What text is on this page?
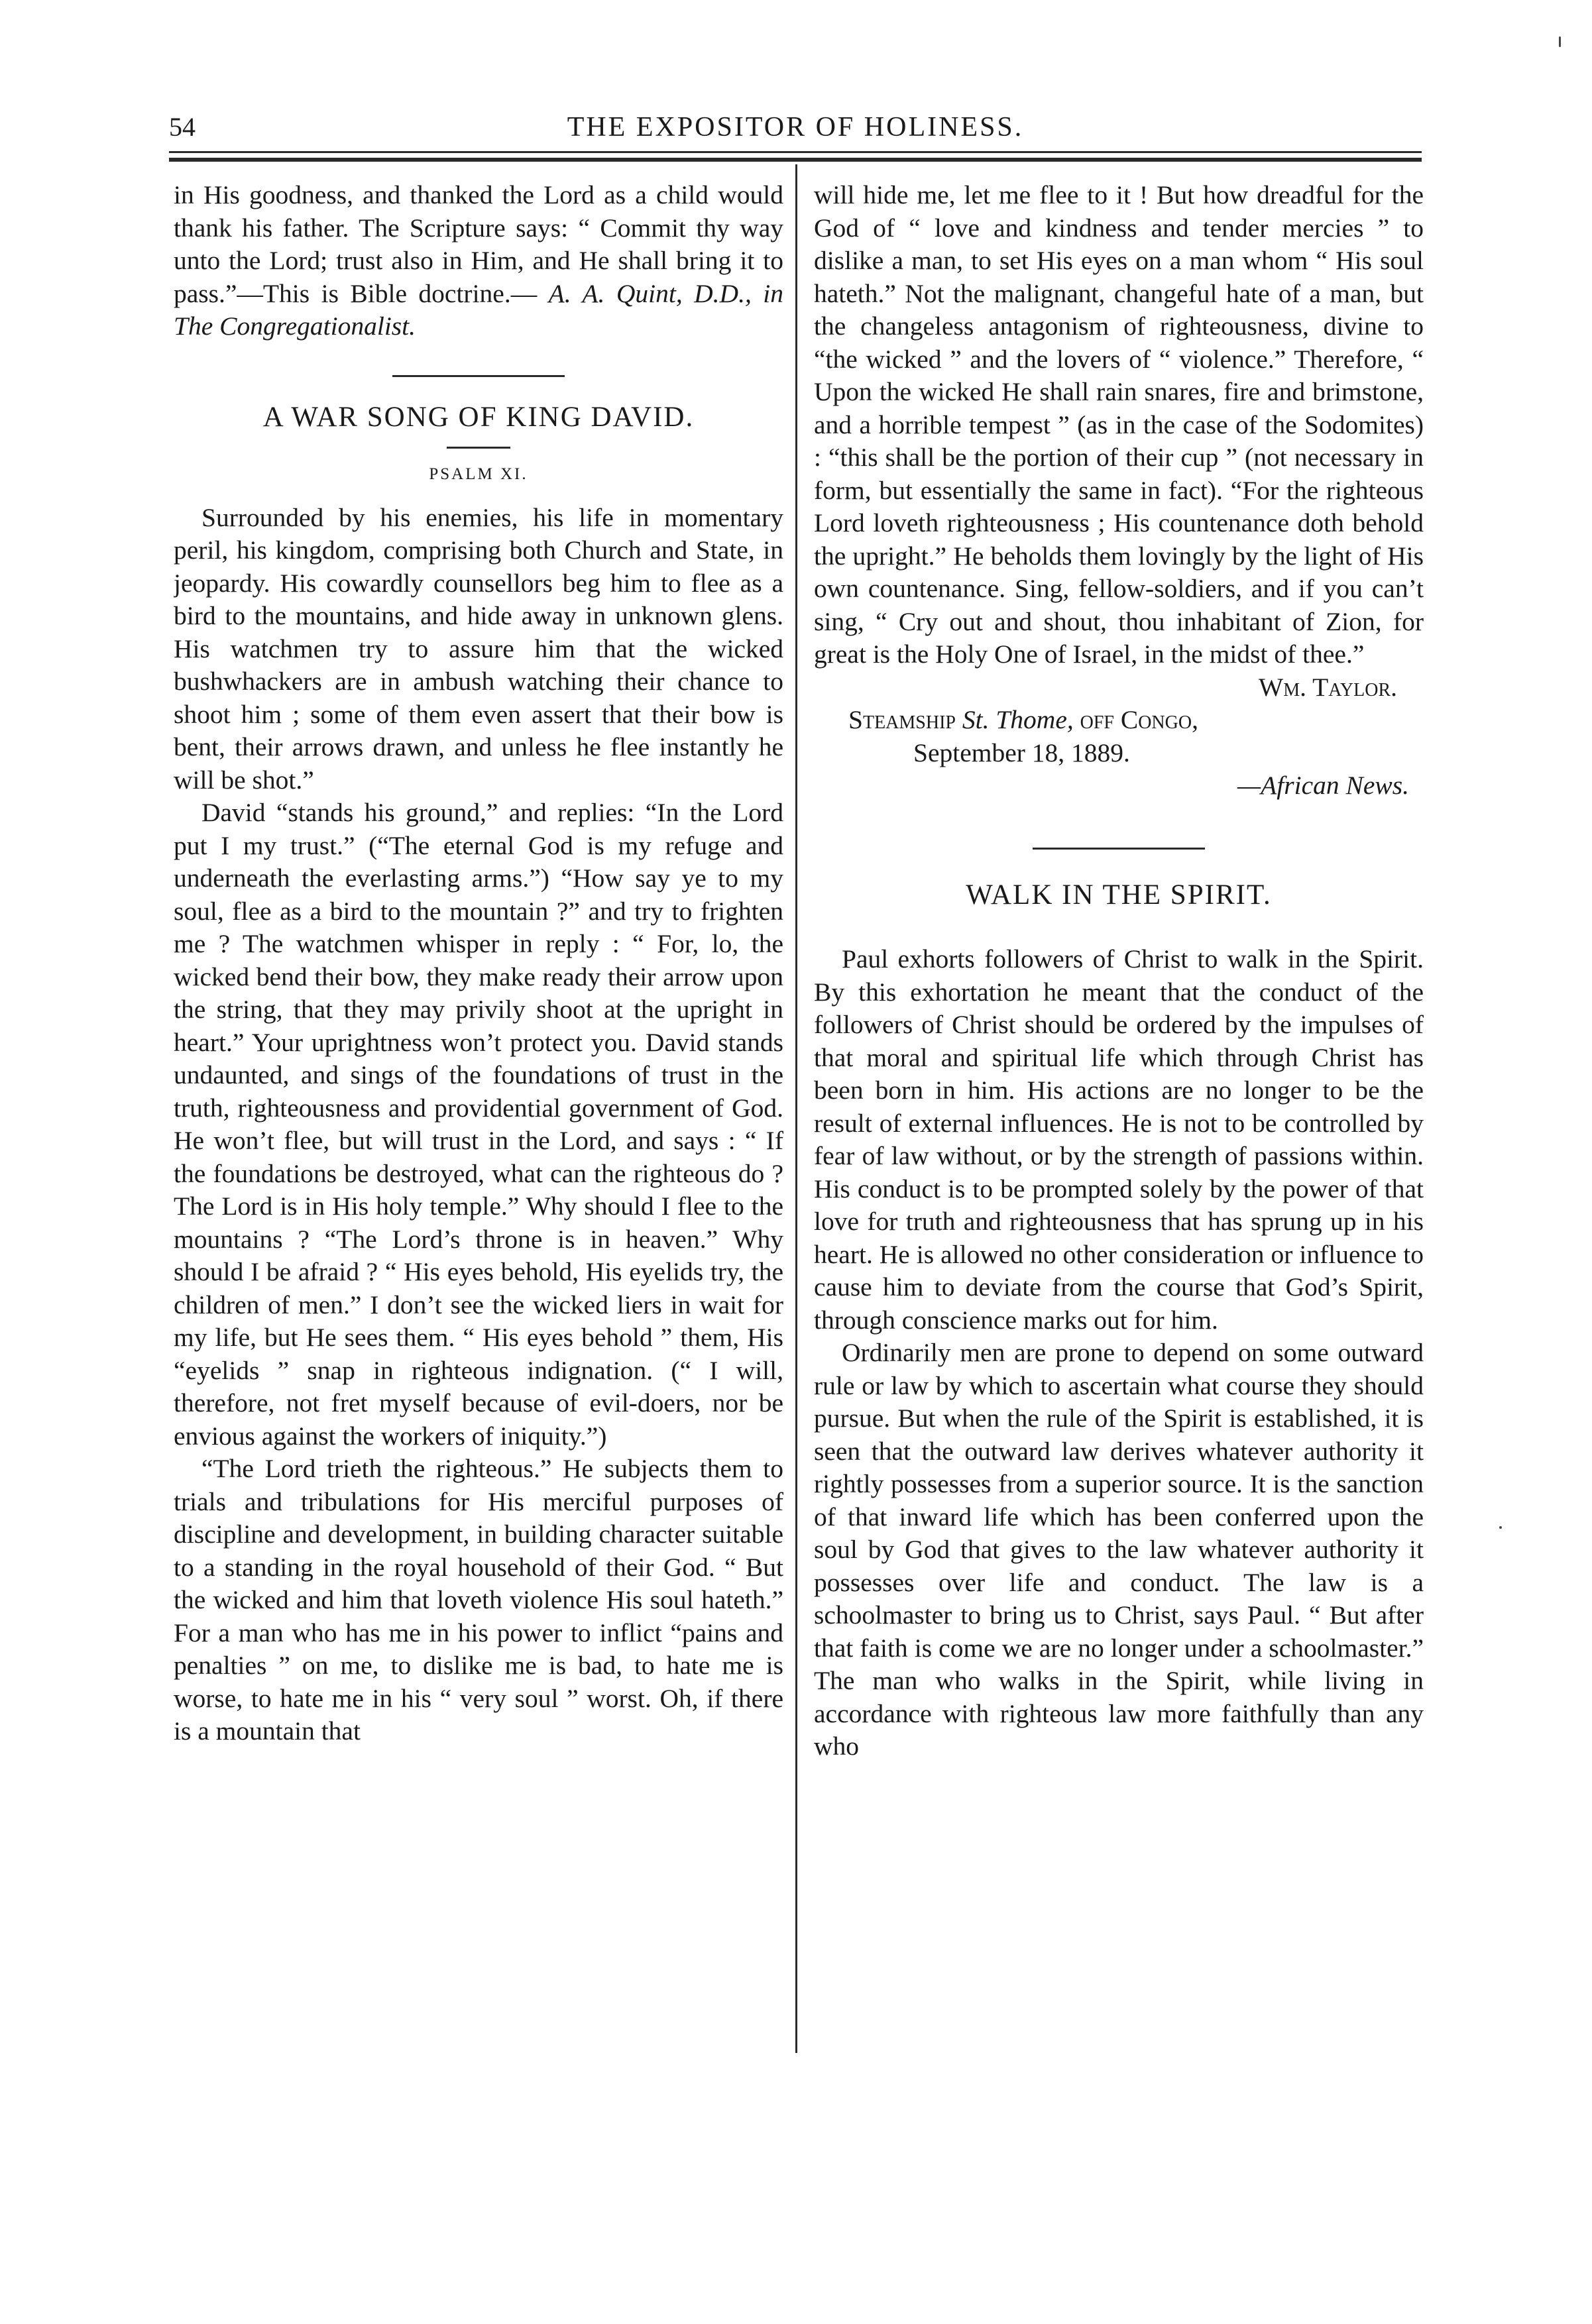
54	THE EXPOSITOR OF HOLINESS.

in His goodness, and thanked the Lord as a child would thank his father. The Scripture says: “ Commit thy way unto the Lord; trust also in Him, and He shall bring it to pass.”—This is Bible doctrine.— A. A. Quint, D.D., in The Congregationalist.

A WAR SONG OF KING DAVID.

PSALM XI.

Surrounded by his enemies, his life in momentary peril, his kingdom, comprising both Church and State, in jeopardy. His cowardly counsellors beg him to flee as a bird to the mountains, and hide away in unknown glens. His watchmen try to assure him that the wicked bushwhackers are in ambush watching their chance to shoot him ; some of them even assert that their bow is bent, their arrows drawn, and unless he flee instantly he will be shot.”

David “stands his ground,” and replies: “In the Lord put I my trust.” (“The eternal God is my refuge and underneath the everlasting arms.”) “How say ye to my soul, flee as a bird to the mountain ?” and try to frighten me ? The watchmen whisper in reply : “ For, lo, the wicked bend their bow, they make ready their arrow upon the string, that they may privily shoot at the upright in heart.” Your uprightness won’t protect you. David stands undaunted, and sings of the foundations of trust in the truth, righteousness and providential government of God. He won’t flee, but will trust in the Lord, and says : “ If the foundations be destroyed, what can the righteous do ? The Lord is in His holy temple.” Why should I flee to the mountains ? “The Lord’s throne is in heaven.” Why should I be afraid ? “ His eyes behold, His eyelids try, the children of men.” I don’t see the wicked liers in wait for my life, but He sees them. “ His eyes behold ” them, His “eyelids ” snap in righteous indignation. (“ I will, therefore, not fret myself because of evil-doers, nor be envious against the workers of iniquity.”)

“The Lord trieth the righteous.” He subjects them to trials and tribulations for His merciful purposes of discipline and development, in building character suitable to a standing in the royal household of their God. “ But the wicked and him that loveth violence His soul hateth.” For a man who has me in his power to inflict “pains and penalties ” on me, to dislike me is bad, to hate me is worse, to hate me in his “ very soul ” worst. Oh, if there is a mountain that

will hide me, let me flee to it ! But how dreadful for the God of “ love and kindness and tender mercies ” to dislike a man, to set His eyes on a man whom “ His soul hateth.” Not the malignant, changeful hate of a man, but the changeless antagonism of righteousness, divine to “the wicked ” and the lovers of “ violence.” Therefore, “ Upon the wicked He shall rain snares, fire and brimstone, and a horrible tempest ” (as in the case of the Sodomites) : “this shall be the portion of their cup ” (not necessary in form, but essentially the same in fact). “For the righteous Lord loveth righteousness ; His countenance doth behold the upright.” He beholds them lovingly by the light of His own countenance. Sing, fellow-soldiers, and if you can’t sing, “ Cry out and shout, thou inhabitant of Zion, for great is the Holy One of Israel, in the midst of thee.”

Wm. Taylor.

Steamship St. Thome, off Congo,

September 18, 1889.

—African News.

WALK IN THE SPIRIT.

Paul exhorts followers of Christ to walk in the Spirit. By this exhortation he meant that the conduct of the followers of Christ should be ordered by the impulses of that moral and spiritual life which through Christ has been born in him. His actions are no longer to be the result of external influences. He is not to be controlled by fear of law without, or by the strength of passions within. His conduct is to be prompted solely by the power of that love for truth and righteousness that has sprung up in his heart. He is allowed no other consideration or influence to cause him to deviate from the course that God’s Spirit, through conscience marks out for him.

Ordinarily men are prone to depend on some outward rule or law by which to ascertain what course they should pursue. But when the rule of the Spirit is established, it is seen that the outward law derives whatever authority it rightly possesses from a superior source. It is the sanction of that inward life which has been conferred upon the soul by God that gives to the law whatever authority it possesses over life and conduct. The law is a schoolmaster to bring us to Christ, says Paul. “ But after that faith is come we are no longer under a schoolmaster.” The man who walks in the Spirit, while living in accordance with righteous law more faithfully than any who
